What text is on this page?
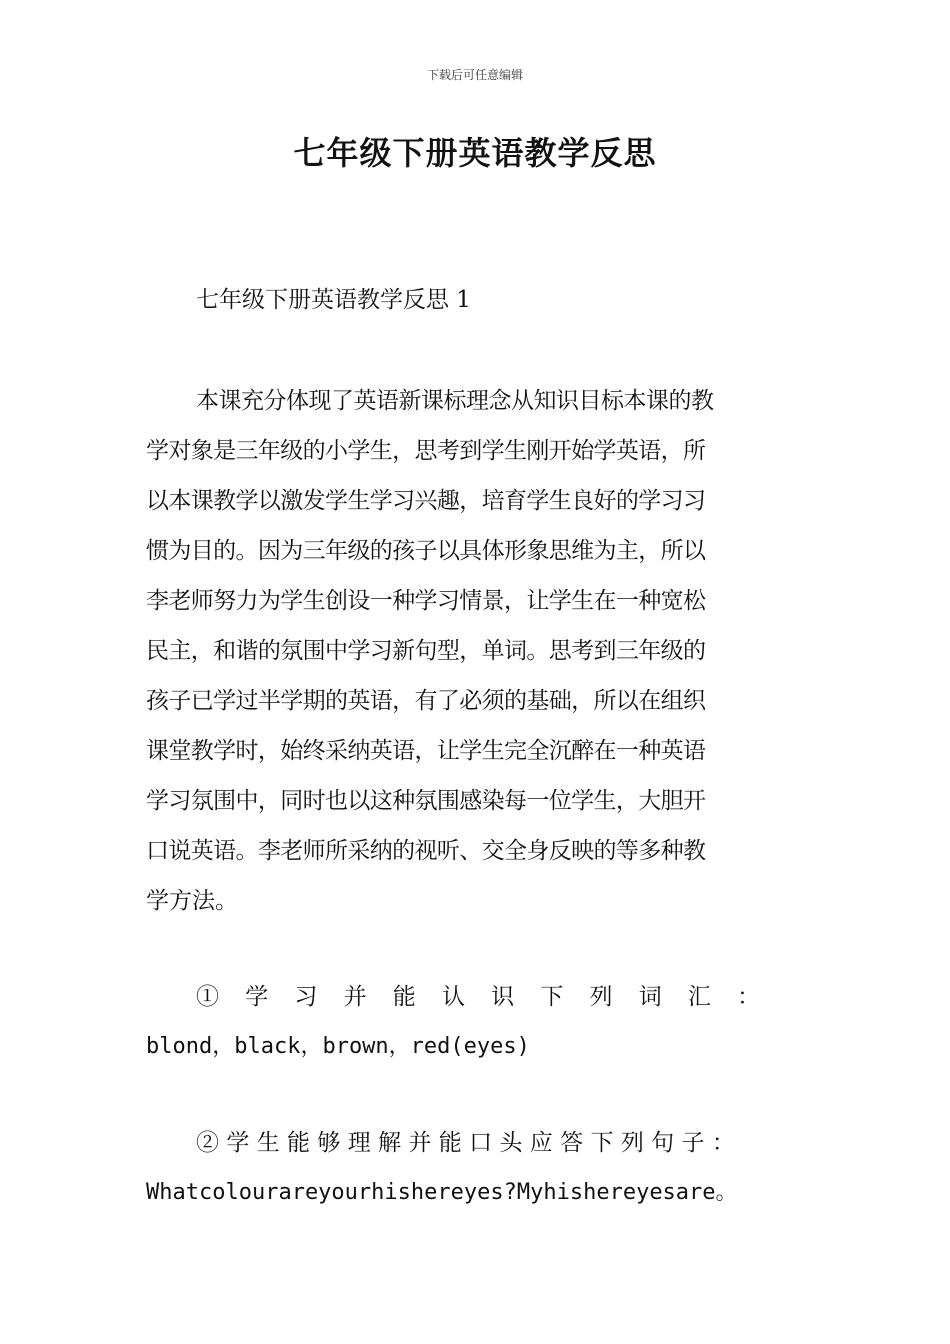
下载后可任意编辑
七年级下册英语教学反思
七年级下册英语教学反思 1
本 课 充 分 体 现 了 英 语 新 课 标 理 念 从 知 识 目 标 本 课 的 教
学 对 象 是 三 年 级 的 小 学 生 ， 思 考 到 学 生 刚 开 始 学 英 语 ， 所
以 本 课 教 学 以 激 发 学 生 学 习 兴 趣 ， 培 育 学 生 良 好 的 学 习 习
惯 为 目 的 。 因 为 三 年 级 的 孩 子 以 具 体 形 象 思 维 为 主 ， 所 以
李 老 师 努 力 为 学 生 创 设 一 种 学 习 情 景 ， 让 学 生 在 一 种 宽 松
民 主 ， 和 谐 的 氛 围 中 学 习 新 句 型 ， 单 词 。 思 考 到 三 年 级 的
孩 子 已 学 过 半 学 期 的 英 语 ， 有 了 必 须 的 基 础 ， 所 以 在 组 织
课 堂 教 学 时 ， 始 终 采 纳 英 语 ， 让 学 生 完 全 沉 醉 在 一 种 英 语
学 习 氛 围 中 ， 同 时 也 以 这 种 氛 围 感 染 每 一 位 学 生 ， 大 胆 开
口 说 英 语 。 李 老 师 所 采 纳 的 视 听 、 交 全 身 反 映 的 等 多 种 教
学方法。
① 学 习 并 能 认 识 下 列 词 汇 ：
blond，black，brown，red(eyes)
② 学 生 能 够 理 解 并 能 口 头 应 答 下 列 句 子 ：
Whatcolourareyourhishereyes?Myhishereyesare。
